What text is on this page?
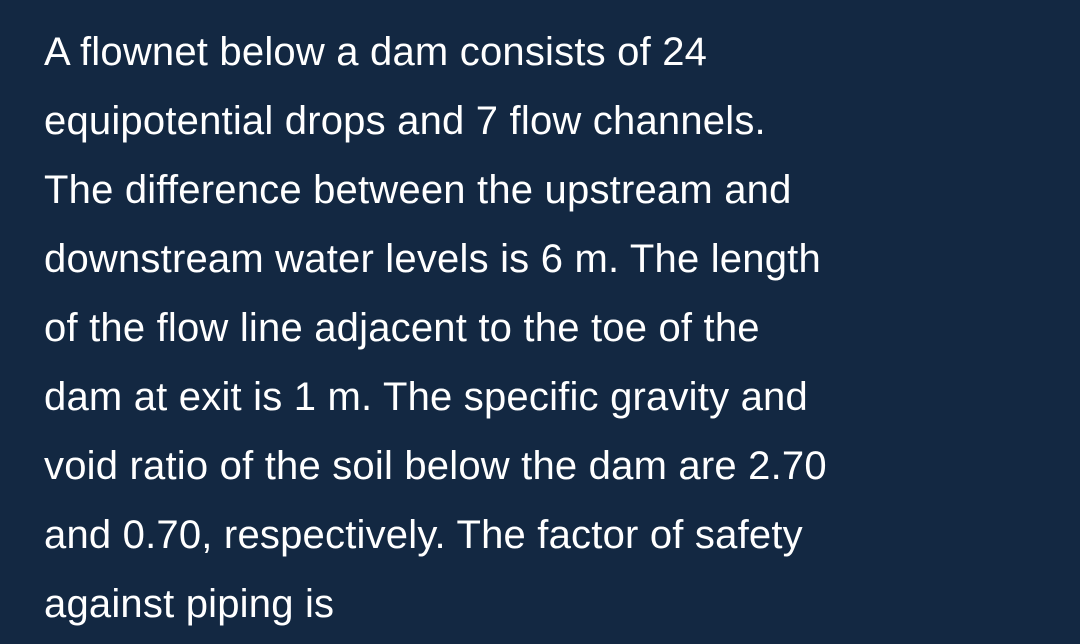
A flownet below a dam consists of 24
equipotential drops and 7 flow channels.
The difference between the upstream and
downstream water levels is 6 m. The length
of the flow line adjacent to the toe of the
dam at exit is 1 m. The specific gravity and
void ratio of the soil below the dam are 2.70
and 0.70, respectively. The factor of safety
against piping is
